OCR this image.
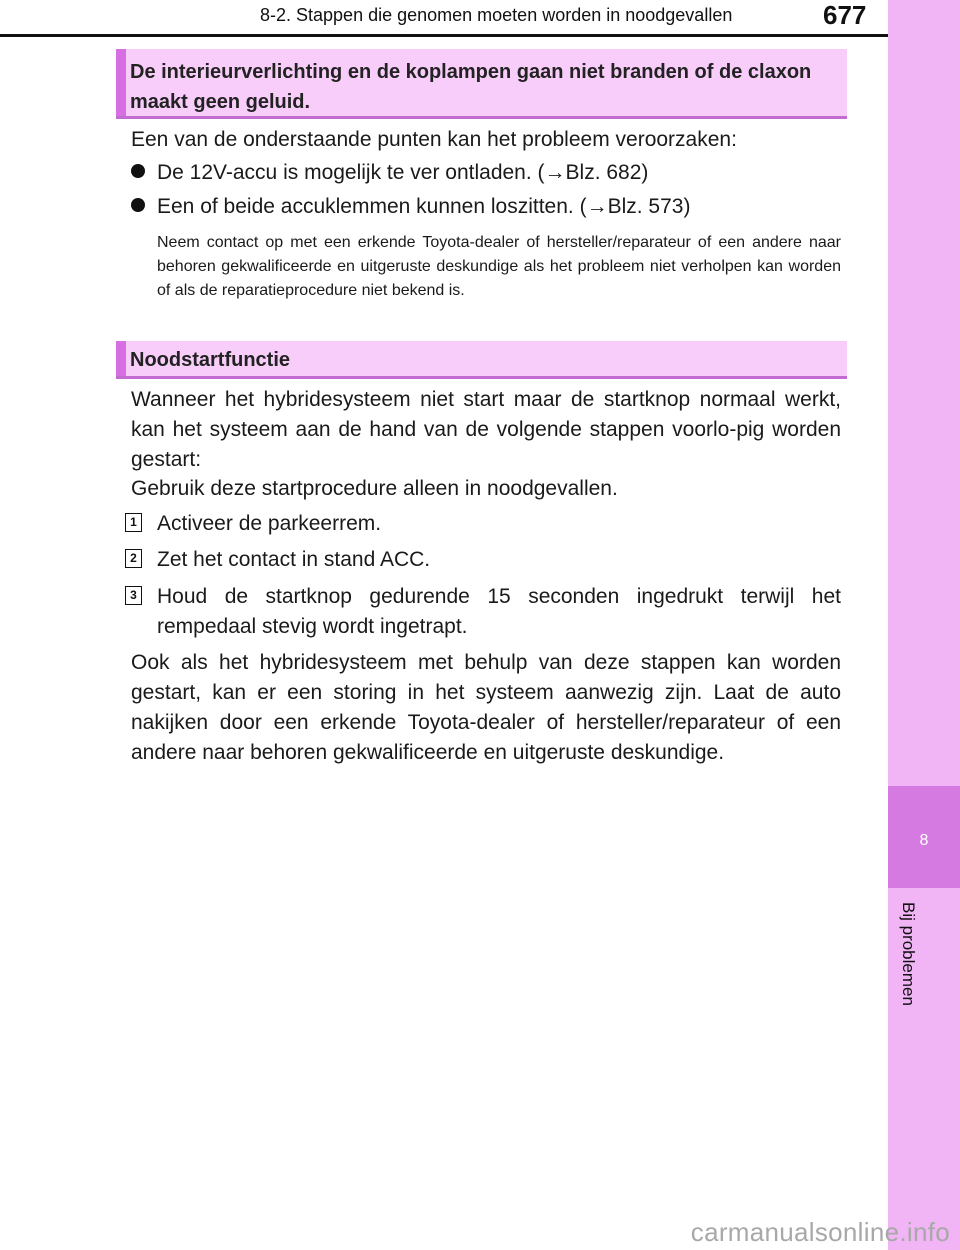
8-2. Stappen die genomen moeten worden in noodgevallen	677
8
Bij problemen
De interieurverlichting en de koplampen gaan niet branden of de claxon maakt geen geluid.
Een van de onderstaande punten kan het probleem veroorzaken:
De 12V-accu is mogelijk te ver ontladen. (→Blz. 682)
Een of beide accuklemmen kunnen loszitten. (→Blz. 573)
Neem contact op met een erkende Toyota-dealer of hersteller/reparateur of een andere naar behoren gekwalificeerde en uitgeruste deskundige als het probleem niet verholpen kan worden of als de reparatieprocedure niet bekend is.
Noodstartfunctie
Wanneer het hybridesysteem niet start maar de startknop normaal werkt, kan het systeem aan de hand van de volgende stappen voorlo-pig worden gestart:
Gebruik deze startprocedure alleen in noodgevallen.
1 Activeer de parkeerrem.
2 Zet het contact in stand ACC.
3 Houd de startknop gedurende 15 seconden ingedrukt terwijl het rempedaal stevig wordt ingetrapt.
Ook als het hybridesysteem met behulp van deze stappen kan worden gestart, kan er een storing in het systeem aanwezig zijn. Laat de auto nakijken door een erkende Toyota-dealer of hersteller/reparateur of een andere naar behoren gekwalificeerde en uitgeruste deskundige.
carmanualsonline.info
